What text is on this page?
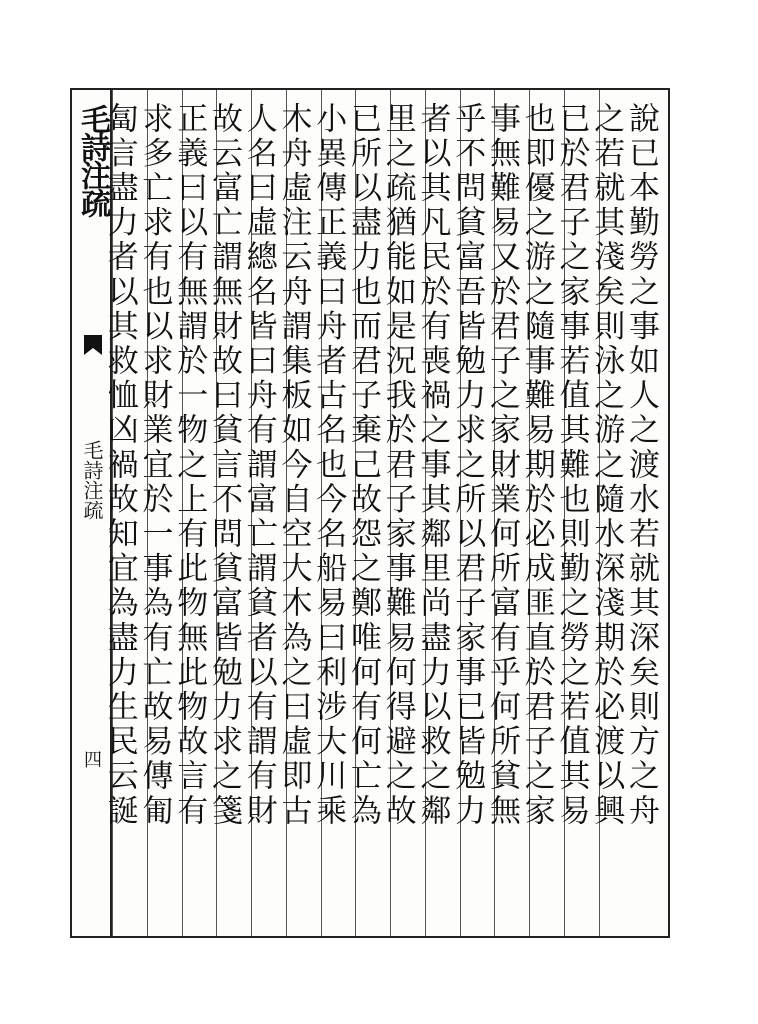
毛詩注疏
毛詩注疏
四	說已本勤勞之事如人之渡水若就其深矣則方之舟
之若就其淺矣則泳之游之隨水深淺期於必渡以興
已於君子之家事若值其難也則勤之勞之若值其易
也即優之游之隨事難易期於必成匪直於君子之家
事無難易又於君子之家財業何所富有乎何所貧無
乎不問貧富吾皆勉力求之所以君子家事已皆勉力
者以其凡民於有喪禍之事其鄰里尚盡力以救之鄰
里之疏猶能如是況我於君子家事難易何得避之故
已所以盡力也而君子棄己故怨之鄭唯何有何亡為
小異傳正義曰舟者古名也今名船易曰利涉大川乘
木舟虛注云舟謂集板如今自空大木為之曰虛即古
人名曰虛總名皆曰舟有謂富亡謂貧者以有謂有財
故云富亡謂無財故曰貧言不問貧富皆勉力求之箋
正義曰以有無謂於一物之上有此物無此物故言有
求多亡求有也以求財業宜於一事為有亡故易傳匍
匐言盡力者以其救恤凶禍故知宜為盡力生民云誕
